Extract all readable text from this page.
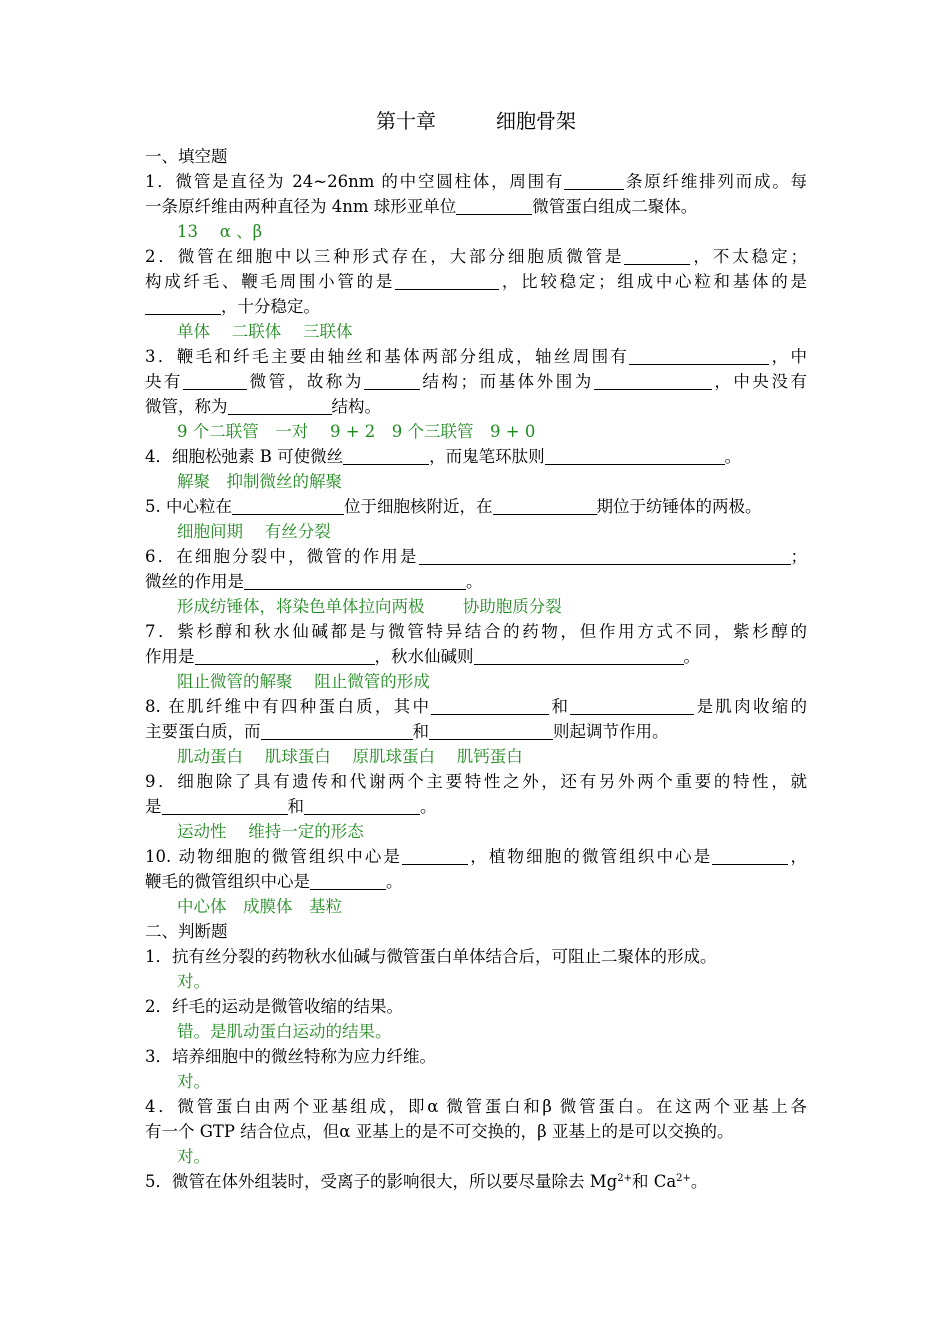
第十章　　　细胞骨架
一、填空题
1．微管是直径为 24~26nm 的中空圆柱体，周围有	条原纤维排列而成。每
一条原纤维由两种直径为 4nm 球形亚单位	微管蛋白组成二聚体。
13　 α 、β
2．微管在细胞中以三种形式存在，大部分细胞质微管是	，不太稳定；
构成纤毛、鞭毛周围小管的是	，比较稳定；组成中心粒和基体的是
，十分稳定。
单体　 二联体　 三联体
3．鞭毛和纤毛主要由轴丝和基体两部分组成，轴丝周围有	，中
央有	微管，故称为	结构；而基体外围为	，中央没有
微管，称为	结构。
9 个二联管　一对　 9 + 2　9 个三联管　9 + 0
4．细胞松弛素 B 可使微丝	，而鬼笔环肽则	。
解聚　抑制微丝的解聚
5. 中心粒在	位于细胞核附近，在	期位于纺锤体的两极。
细胞间期　 有丝分裂
6．在细胞分裂中，微管的作用是	；
微丝的作用是	。
形成纺锤体，将染色单体拉向两极　　 协助胞质分裂
7．紫杉醇和秋水仙碱都是与微管特异结合的药物，但作用方式不同，紫杉醇的
作用是	，秋水仙碱则	。
阻止微管的解聚　 阻止微管的形成
8. 在肌纤维中有四种蛋白质，其中	和	是肌肉收缩的
主要蛋白质，而	和	则起调节作用。
肌动蛋白　 肌球蛋白　 原肌球蛋白　 肌钙蛋白
9．细胞除了具有遗传和代谢两个主要特性之外，还有另外两个重要的特性，就
是	和	。
运动性　 维持一定的形态
10. 动物细胞的微管组织中心是	，植物细胞的微管组织中心是	，
鞭毛的微管组织中心是	。
中心体　成膜体　基粒
二、判断题
1．抗有丝分裂的药物秋水仙碱与微管蛋白单体结合后，可阻止二聚体的形成。
对。
2．纤毛的运动是微管收缩的结果。
错。是肌动蛋白运动的结果。
3．培养细胞中的微丝特称为应力纤维。
对。
4．微管蛋白由两个亚基组成，即α 微管蛋白和β 微管蛋白。在这两个亚基上各
有一个 GTP 结合位点，但α 亚基上的是不可交换的，β 亚基上的是可以交换的。
对。
5．微管在体外组装时，受离子的影响很大，所以要尽量除去 $Mg^{2+}$和 $Ca^{2+}$。
